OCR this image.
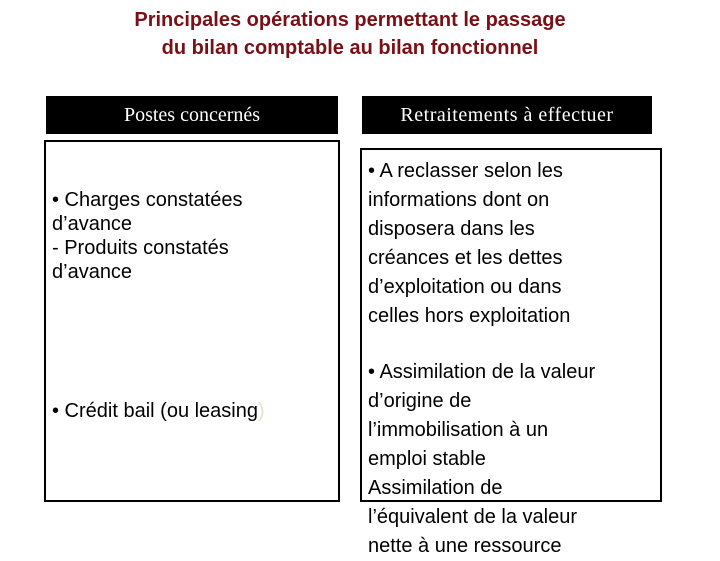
Principales opérations permettant le passage
du bilan comptable au bilan fonctionnel
Postes concernés	Retraitements à effectuer
• Charges constatées
d’avance
- Produits constatés
d’avance
• A reclasser selon les
informations dont on
disposera dans les
créances et les dettes
d’exploitation ou dans
celles hors exploitation
• Crédit bail (ou leasing)
• Assimilation de la valeur
d’origine de
l’immobilisation à un
emploi stable
Assimilation de
l’équivalent de la valeur
nette à une ressource
